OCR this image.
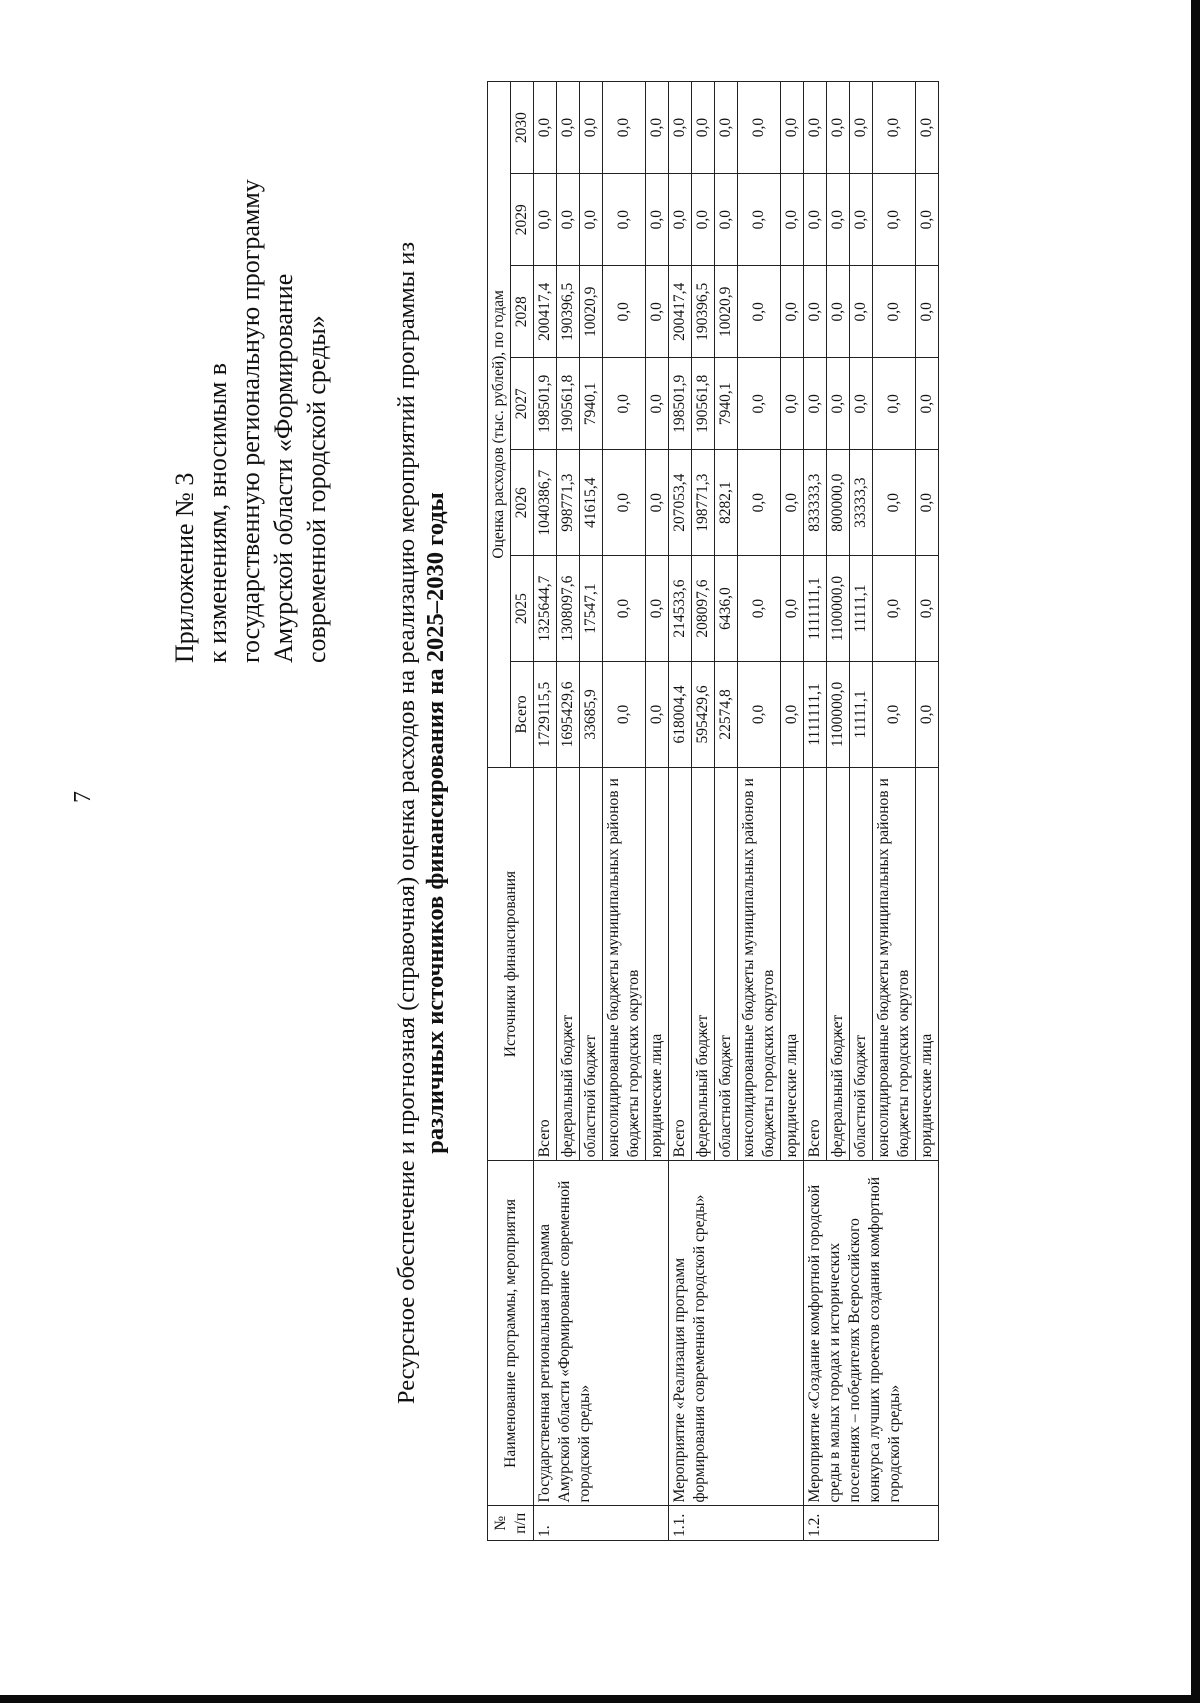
7
Приложение № 3 к изменениям, вносимым в государственную региональную программу Амурской области «Формирование современной городской среды»	Ресурсное обеспечение и прогнозная (справочная) оценка расходов на реализацию мероприятий программы из различных источников финансирования на 2025–2030 годы
№ п/п	Наименование программы, мероприятия	Источники финансирования	Оценка расходов (тыс. рублей), по годам						
			Всего	2025	2026	2027	2028	2029	2030
1.	Государственная региональная программа Амурской области «Формирование современной городской среды»	Всего	1729115,5	1325644,7	1040386,7	198501,9	200417,4	0,0	0,0
		федеральный бюджет	1695429,6	1308097,6	998771,3	190561,8	190396,5	0,0	0,0
		областной бюджет	33685,9	17547,1	41615,4	7940,1	10020,9	0,0	0,0
		консолидированные бюджеты муниципальных районов и бюджеты городских округов	0,0	0,0	0,0	0,0	0,0	0,0	0,0
		юридические лица	0,0	0,0	0,0	0,0	0,0	0,0	0,0
1.1.	Мероприятие «Реализация программ формирования современной городской среды»	Всего	618004,4	214533,6	207053,4	198501,9	200417,4	0,0	0,0
		федеральный бюджет	595429,6	208097,6	198771,3	190561,8	190396,5	0,0	0,0
		областной бюджет	22574,8	6436,0	8282,1	7940,1	10020,9	0,0	0,0
		консолидированные бюджеты муниципальных районов и бюджеты городских округов	0,0	0,0	0,0	0,0	0,0	0,0	0,0
		юридические лица	0,0	0,0	0,0	0,0	0,0	0,0	0,0
1.2.	Мероприятие «Создание комфортной городской среды в малых городах и исторических поселениях – победителях Всероссийского конкурса лучших проектов создания комфортной городской среды»	Всего	1111111,1	1111111,1	833333,3	0,0	0,0	0,0	0,0
		федеральный бюджет	1100000,0	1100000,0	800000,0	0,0	0,0	0,0	0,0
		областной бюджет	11111,1	11111,1	33333,3	0,0	0,0	0,0	0,0
		консолидированные бюджеты муниципальных районов и бюджеты городских округов	0,0	0,0	0,0	0,0	0,0	0,0	0,0
		юридические лица	0,0	0,0	0,0	0,0	0,0	0,0	0,0
